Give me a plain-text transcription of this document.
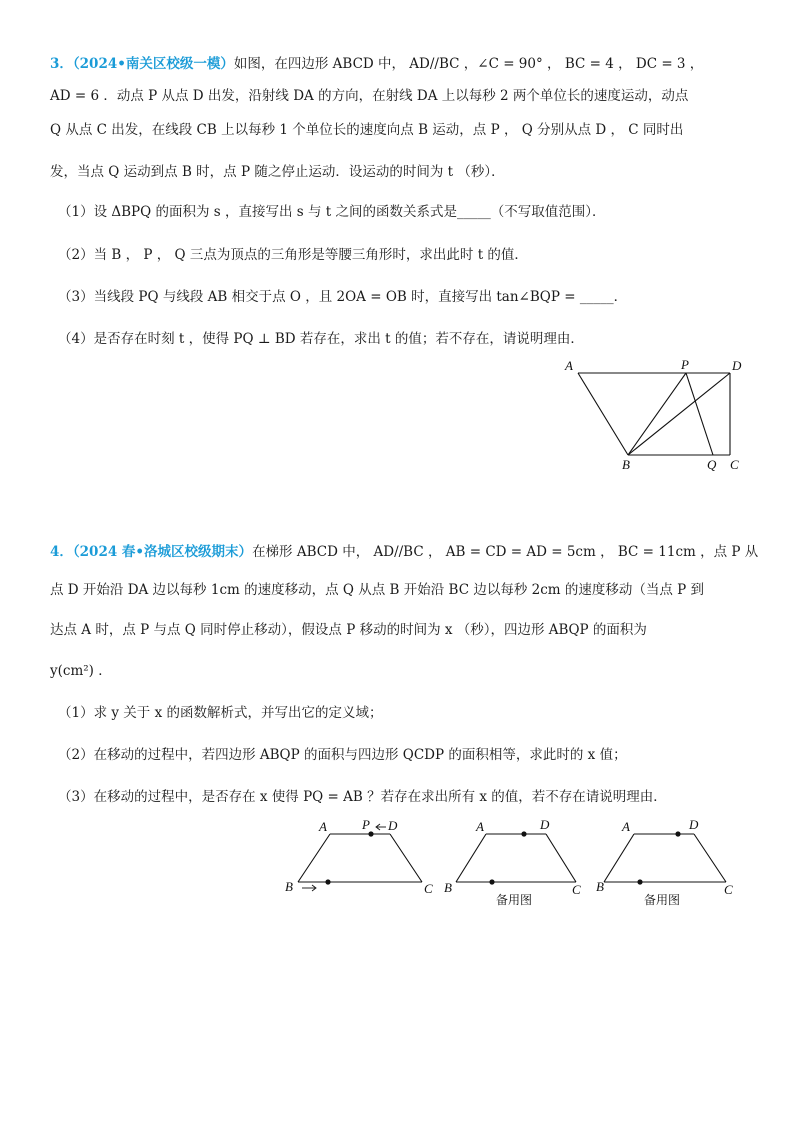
3．（2024•南关区校级一模）如图，在四边形 ABCD 中， AD//BC ，∠C = 90° ， BC = 4 ， DC = 3 ，
AD = 6 ．动点 P 从点 D 出发，沿射线 DA 的方向，在射线 DA 上以每秒 2 两个单位长的速度运动，动点
Q 从点 C 出发，在线段 CB 上以每秒 1 个单位长的速度向点 B 运动，点 P ， Q 分别从点 D ， C 同时出
发，当点 Q 运动到点 B 时，点 P 随之停止运动．设运动的时间为 t （秒）．
（1）设 ΔBPQ 的面积为 s ，直接写出 s 与 t 之间的函数关系式是_____（不写取值范围）．
（2）当 B ， P ， Q 三点为顶点的三角形是等腰三角形时，求出此时 t 的值．
（3）当线段 PQ 与线段 AB 相交于点 O ，且 2OA = OB 时，直接写出 tan∠BQP = _____．
（4）是否存在时刻 t ，使得 PQ ⊥ BD 若存在，求出 t 的值；若不存在，请说明理由．
A	P	D
B	Q C
4．（2024 春•洛城区校级期末）在梯形 ABCD 中， AD//BC ， AB = CD = AD = 5cm ， BC = 11cm ，点 P 从
点 D 开始沿 DA 边以每秒 1cm 的速度移动，点 Q 从点 B 开始沿 BC 边以每秒 2cm 的速度移动（当点 P 到
达点 A 时，点 P 与点 Q 同时停止移动），假设点 P 移动的时间为 x （秒），四边形 ABQP 的面积为
y(cm²) ．
（1）求 y 关于 x 的函数解析式，并写出它的定义域；
（2）在移动的过程中，若四边形 ABQP 的面积与四边形 QCDP 的面积相等，求此时的 x 值；
（3）在移动的过程中，是否存在 x 使得 PQ = AB ？若存在求出所有 x 的值，若不存在请说明理由．
A	P D
B	C
A	D
B	C
备用图
A	D
B	C
备用图
